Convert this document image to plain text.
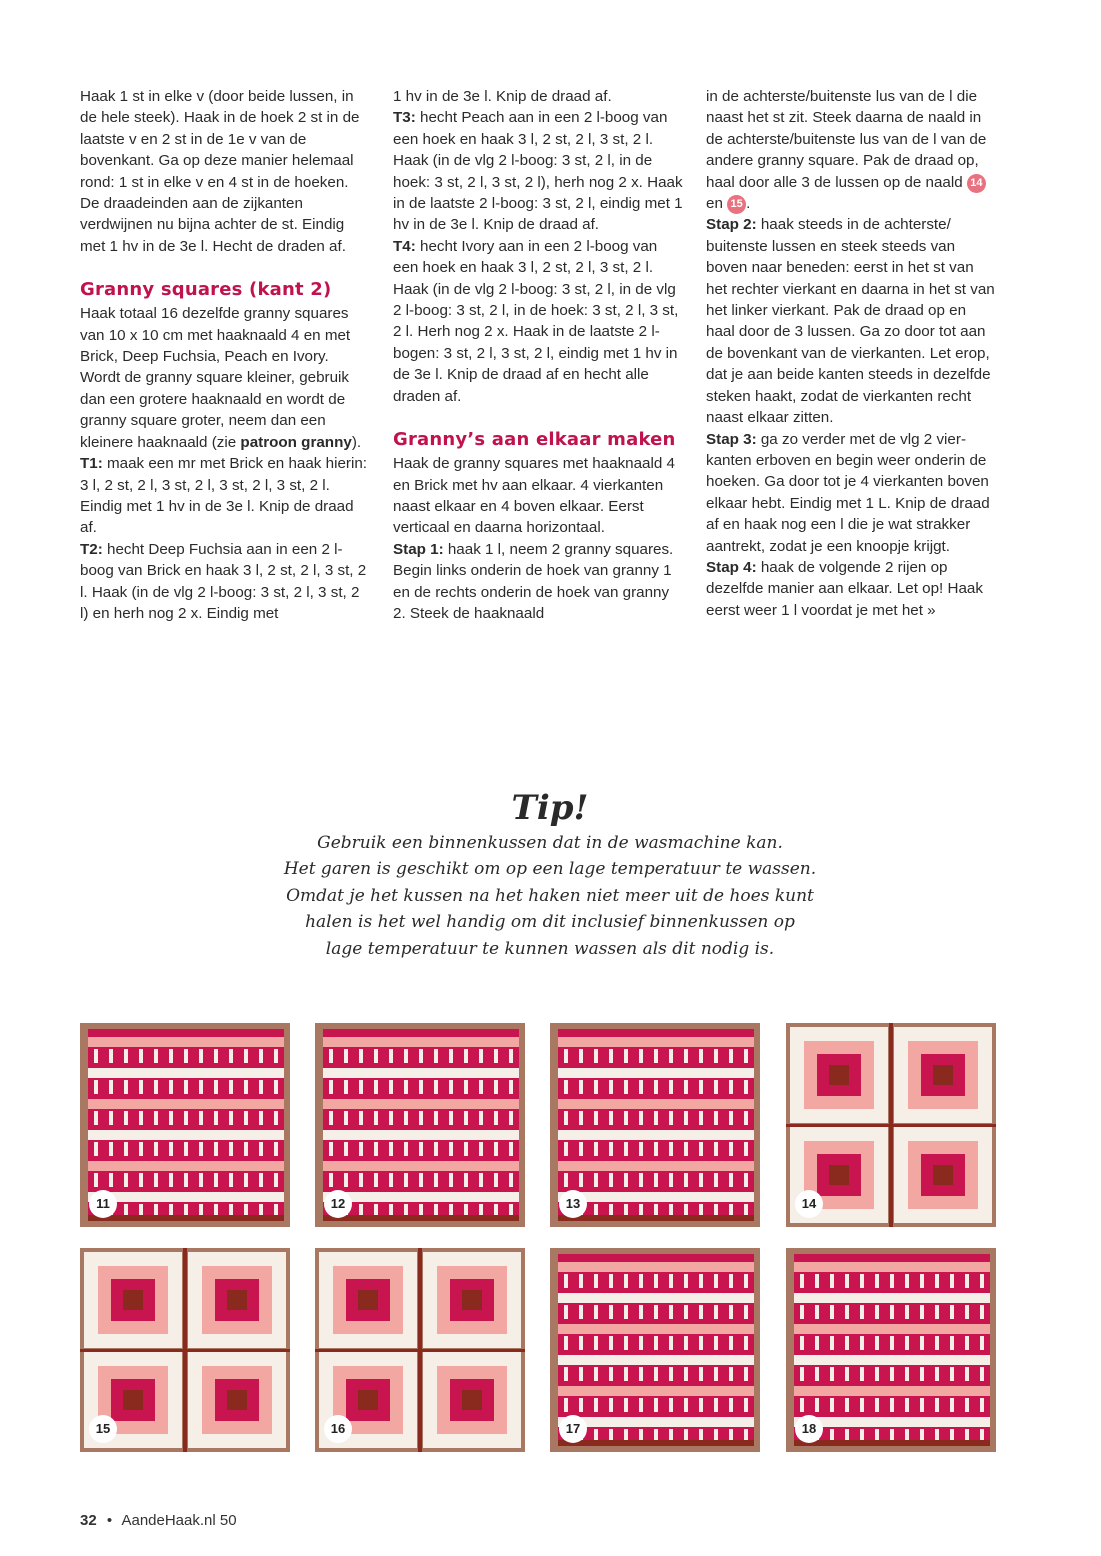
Haak 1 st in elke v (door beide lussen, in de hele steek). Haak in de hoek 2 st in de laatste v en 2 st in de 1e v van de bovenkant. Ga op deze manier helemaal rond: 1 st in elke v en 4 st in de hoeken. De draadeinden aan de zijkanten verdwijnen nu bijna achter de st. Eindig met 1 hv in de 3e l. Hecht de draden af.

Granny squares (kant 2)

Haak totaal 16 dezelfde granny squares van 10 x 10 cm met haaknaald 4 en met Brick, Deep Fuchsia, Peach en Ivory. Wordt de granny square kleiner, gebruik dan een grotere haaknaald en wordt de granny square groter, neem dan een kleinere haaknaald (zie patroon granny).

T1: maak een mr met Brick en haak hierin: 3 l, 2 st, 2 l, 3 st, 2 l, 3 st, 2 l, 3 st, 2 l. Eindig met 1 hv in de 3e l. Knip de draad af.

T2: hecht Deep Fuchsia aan in een 2 l-boog van Brick en haak 3 l, 2 st, 2 l, 3 st, 2 l. Haak (in de vlg 2 l-boog: 3 st, 2 l, 3 st, 2 l) en herh nog 2 x. Eindig met

1 hv in de 3e l. Knip de draad af.

T3: hecht Peach aan in een 2 l-boog van een hoek en haak 3 l, 2 st, 2 l, 3 st, 2 l. Haak (in de vlg 2 l-boog: 3 st, 2 l, in de hoek: 3 st, 2 l, 3 st, 2 l), herh nog 2 x. Haak in de laatste 2 l-boog: 3 st, 2 l, eindig met 1 hv in de 3e l. Knip de draad af.

T4: hecht Ivory aan in een 2 l-boog van een hoek en haak 3 l, 2 st, 2 l, 3 st, 2 l. Haak (in de vlg 2 l-boog: 3 st, 2 l, in de vlg 2 l-boog: 3 st, 2 l, in de hoek: 3 st, 2 l, 3 st, 2 l. Herh nog 2 x. Haak in de laatste 2 l-bogen: 3 st, 2 l, 3 st, 2 l, eindig met 1 hv in de 3e l. Knip de draad af en hecht alle draden af.

Granny’s aan elkaar maken

Haak de granny squares met haaknaald 4 en Brick met hv aan elkaar. 4 vierkanten naast elkaar en 4 boven elkaar. Eerst verticaal en daarna horizontaal.

Stap 1: haak 1 l, neem 2 granny squares. Begin links onderin de hoek van granny 1 en de rechts onderin de hoek van granny 2. Steek de haaknaald

in de achterste/buitenste lus van de l die naast het st zit. Steek daarna de naald in de achterste/buitenste lus van de l van de andere granny square. Pak de draad op, haal door alle 3 de lussen op de naald 14 en 15 .

Stap 2: haak steeds in de achterste/ buitenste lussen en steek steeds van boven naar beneden: eerst in het st van het rechter vierkant en daarna in het st van het linker vierkant. Pak de draad op en haal door de 3 lussen. Ga zo door tot aan de bovenkant van de vierkanten. Let erop, dat je aan beide kanten steeds in dezelfde steken haakt, zodat de vierkanten recht naast elkaar zitten.

Stap 3: ga zo verder met de vlg 2 vierkanten erboven en begin weer onderin de hoeken. Ga door tot je 4 vierkanten boven elkaar hebt. Eindig met 1 L. Knip de draad af en haak nog een l die je wat strakker aantrekt, zodat je een knoopje krijgt.

Stap 4: haak de volgende 2 rijen op dezelfde manier aan elkaar. Let op! Haak eerst weer 1 l voordat je met het »

Tip!
Gebruik een binnenkussen dat in de wasmachine kan.
Het garen is geschikt om op een lage temperatuur te wassen.
Omdat je het kussen na het haken niet meer uit de hoes kunt
halen is het wel handig om dit inclusief binnenkussen op
lage temperatuur te kunnen wassen als dit nodig is.
11	12	13	14
15	16	17	18
32 • AandeHaak.nl 50
